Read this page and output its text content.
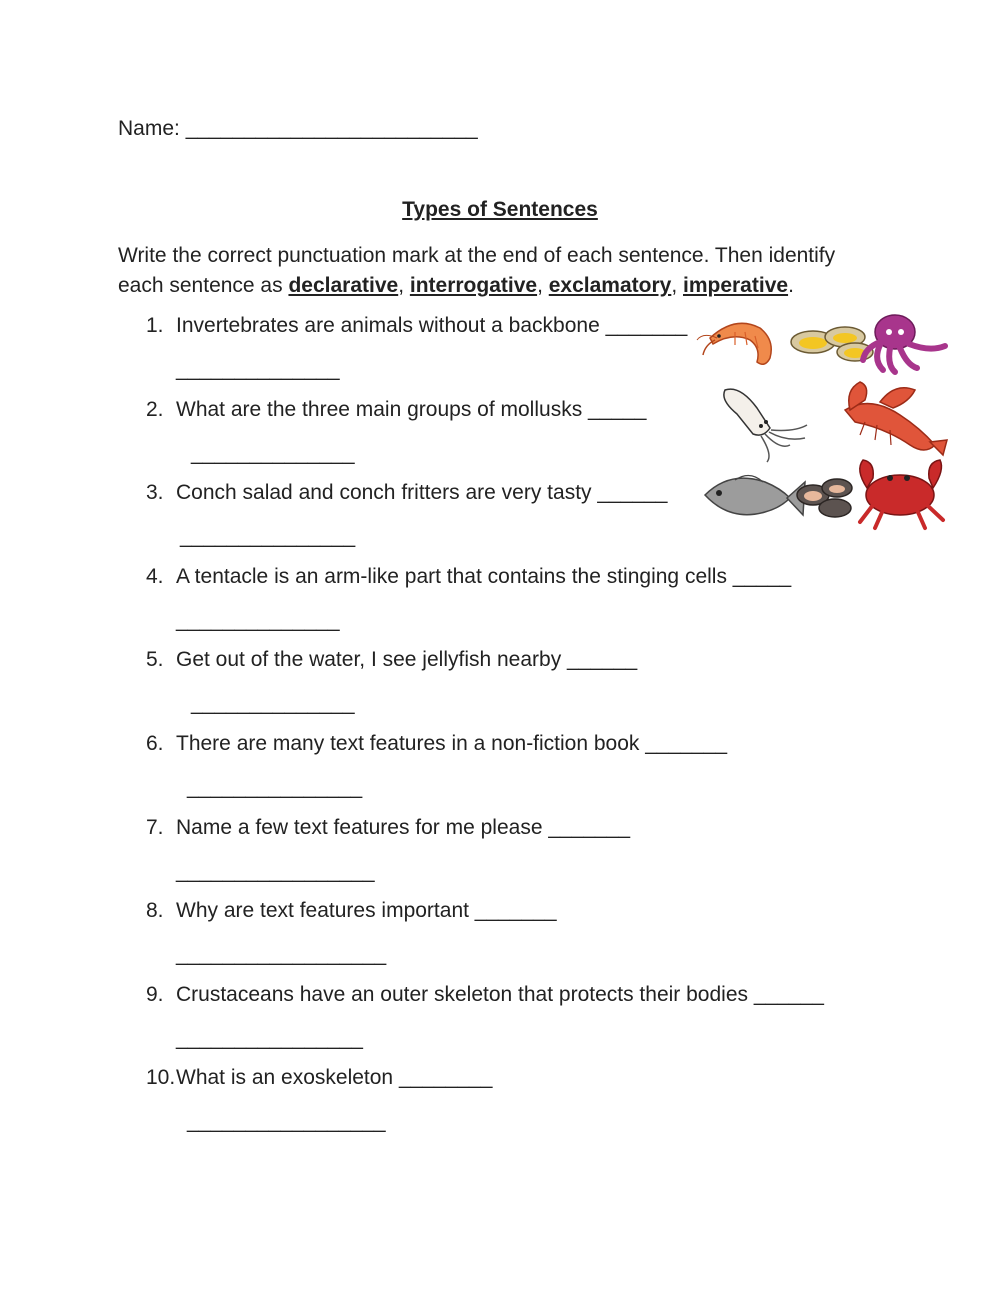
Name: _________________________
Types of Sentences
Write the correct punctuation mark at the end of each sentence. Then identify each sentence as declarative, interrogative, exclamatory, imperative.
1. Invertebrates are animals without a backbone _______
______________
2. What are the three main groups of mollusks _____
______________
3. Conch salad and conch fritters are very tasty ______
_______________
4. A tentacle is an arm-like part that contains the stinging cells _____
______________
5. Get out of the water, I see jellyfish nearby ______
______________
6. There are many text features in a non-fiction book _______
_______________
7. Name a few text features for me please _______
_________________
8. Why are text features important _______
__________________
9. Crustaceans have an outer skeleton that protects their bodies ______
________________
10.What is an exoskeleton ________
_________________
